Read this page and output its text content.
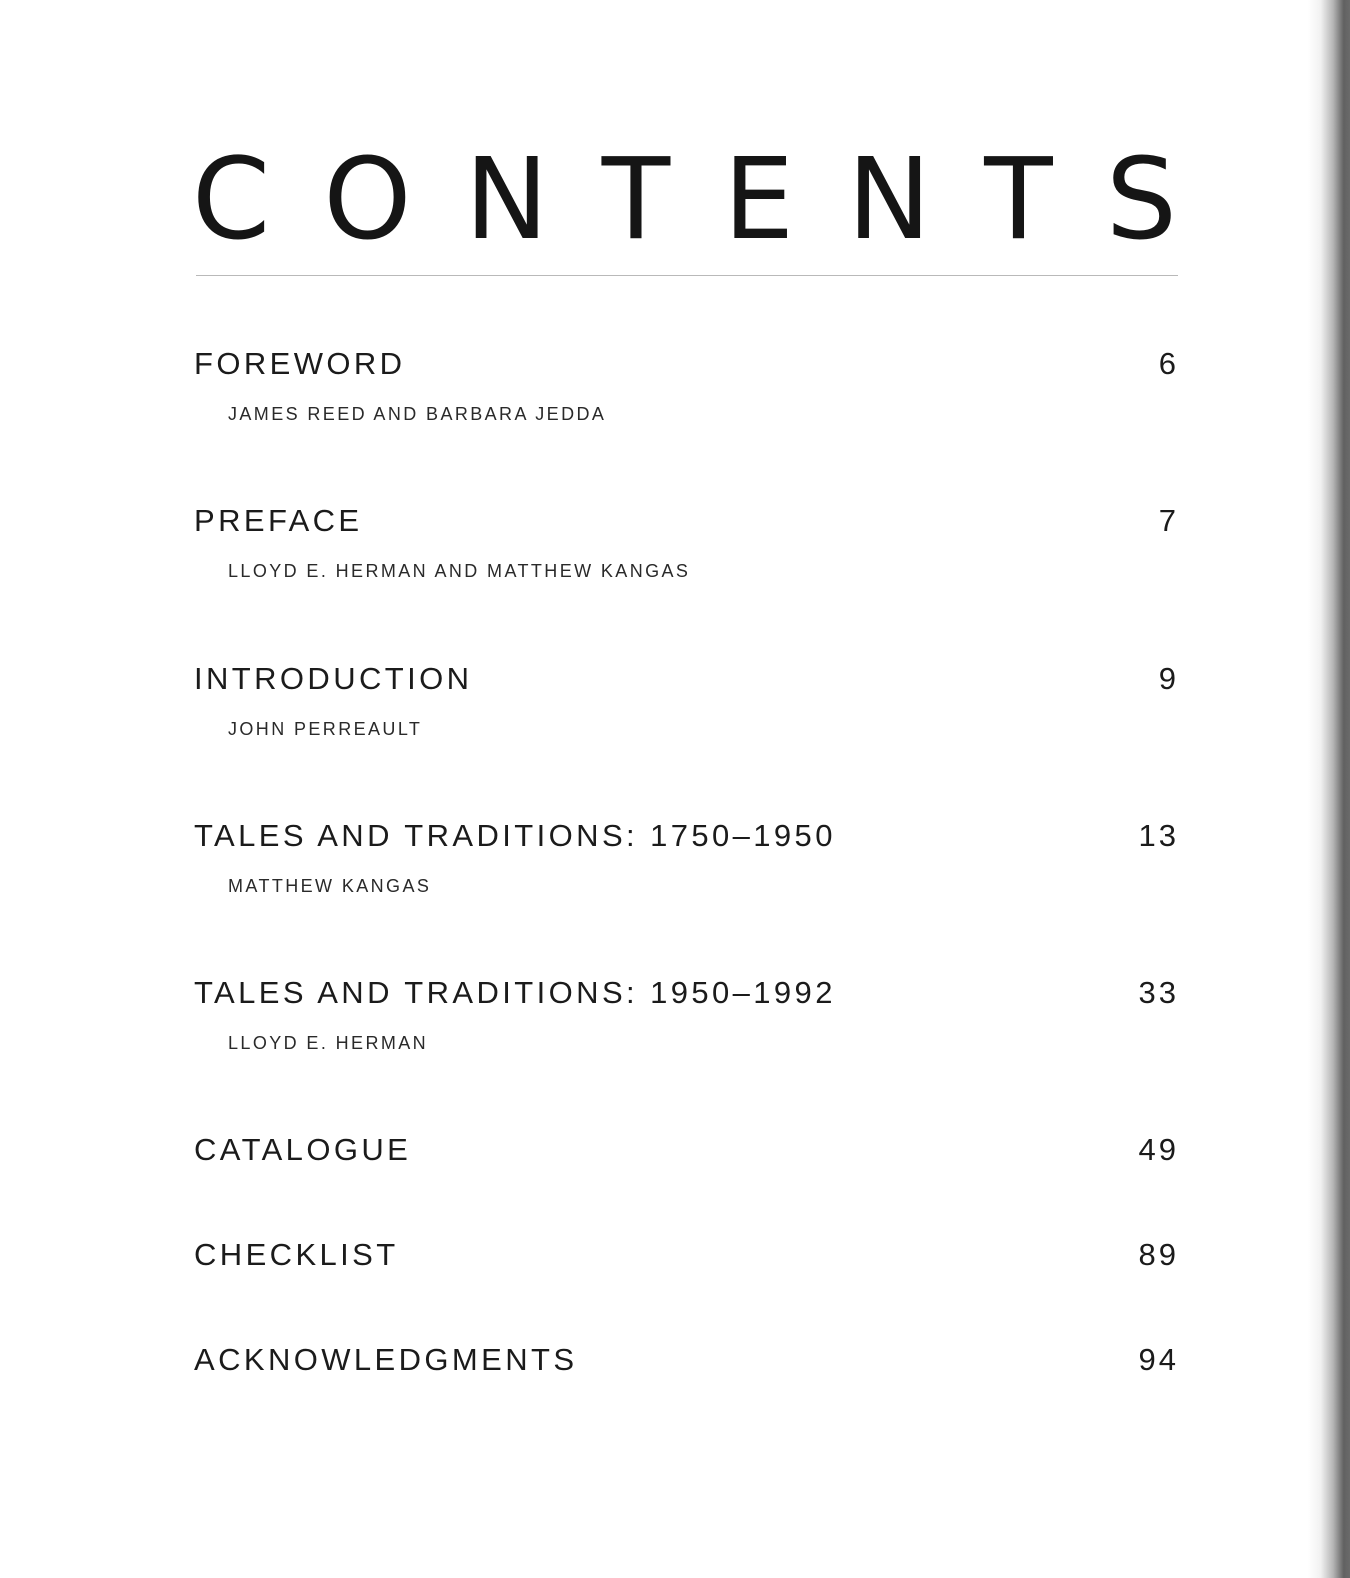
C O N T E N T S
FOREWORD	6
JAMES REED AND BARBARA JEDDA
PREFACE	7
LLOYD E. HERMAN AND MATTHEW KANGAS
INTRODUCTION	9
JOHN PERREAULT
TALES AND TRADITIONS: 1750–1950	13
MATTHEW KANGAS
TALES AND TRADITIONS: 1950–1992	33
LLOYD E. HERMAN
CATALOGUE	49
CHECKLIST	89
ACKNOWLEDGMENTS	94
